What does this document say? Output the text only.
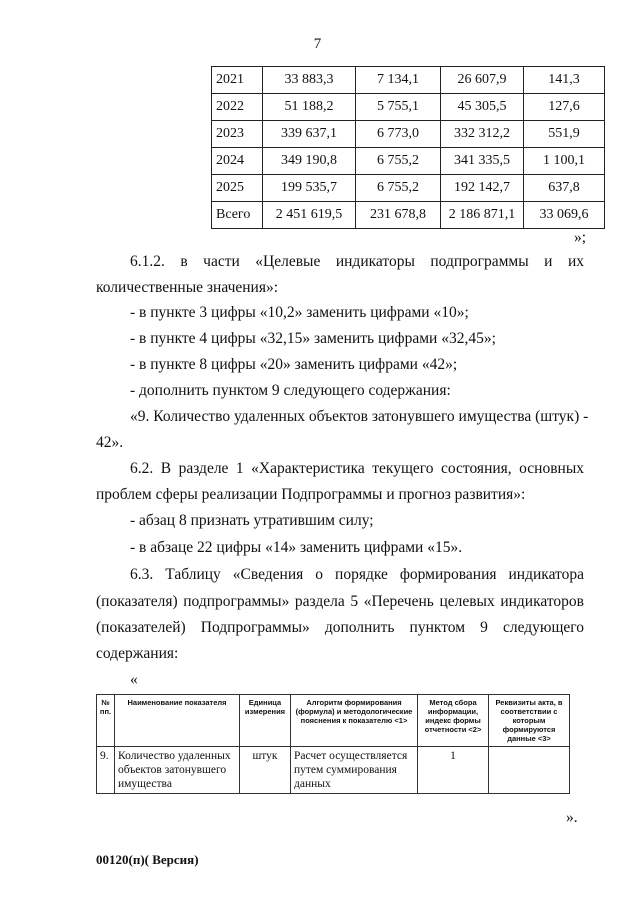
7
2021	33 883,3	7 134,1	26 607,9	141,3
2022	51 188,2	5 755,1	45 305,5	127,6
2023	339 637,1	6 773,0	332 312,2	551,9
2024	349 190,8	6 755,2	341 335,5	1 100,1
2025	199 535,7	6 755,2	192 142,7	637,8
Всего	2 451 619,5	231 678,8	2 186 871,1	33 069,6
»;
6.1.2. в части «Целевые индикаторы подпрограммы и их
количественные значения»:
- в пункте 3 цифры «10,2» заменить цифрами «10»;
- в пункте 4 цифры «32,15» заменить цифрами «32,45»;
- в пункте 8 цифры «20» заменить цифрами «42»;
- дополнить пунктом 9 следующего содержания:
«9. Количество удаленных объектов затонувшего имущества (штук) -
42».
6.2. В разделе 1 «Характеристика текущего состояния, основных
проблем сферы реализации Подпрограммы и прогноз развития»:
- абзац 8 признать утратившим силу;
- в абзаце 22 цифры «14» заменить цифрами «15».
6.3. Таблицу «Сведения о порядке формирования индикатора
(показателя) подпрограммы» раздела 5 «Перечень целевых индикаторов
(показателей) Подпрограммы» дополнить пунктом 9 следующего
содержания:
«
№ пп.	Наименование показателя	Единица измерения	Алгоритм формирования (формула) и методологические пояснения к показателю <1>	Метод сбора информации, индекс формы отчетности <2>	Реквизиты акта, в соответствии с которым формируются данные <3>
9.	Количество удаленных объектов затонувшего имущества	штук	Расчет осуществляется путем суммирования данных	1	
».
00120(п)( Версия)
